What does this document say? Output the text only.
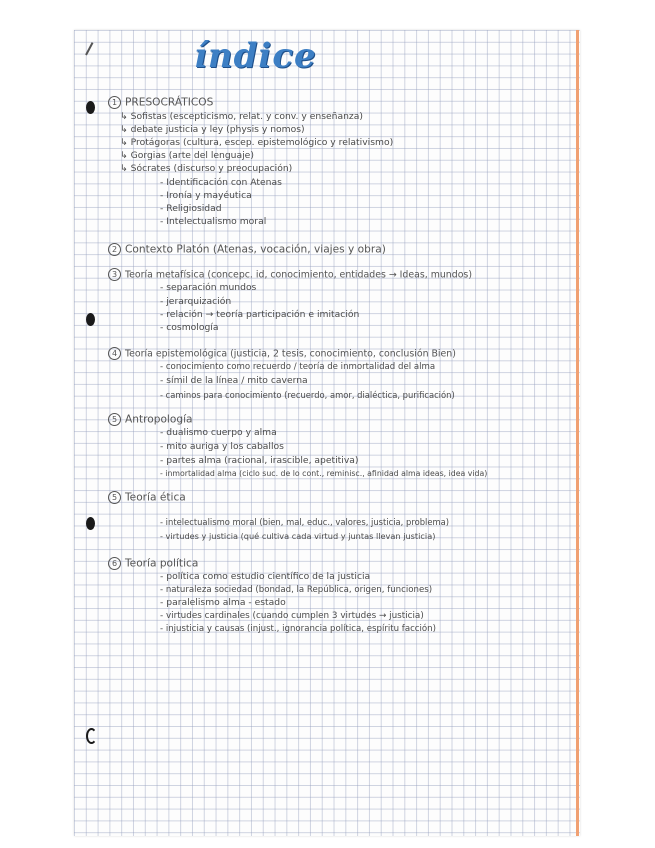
índice
1 PRESOCRÁTICOS
↳ Sofistas (escepticismo, relat. y conv. y enseñanza)
↳ debate justicia y ley (physis y nomos)
↳ Protágoras (cultura, escep. epistemológico y relativismo)
↳ Gorgias (arte del lenguaje)
↳ Sócrates (discurso y preocupación)
- Identificación con Atenas
- Ironía y mayéutica
- Religiosidad
- Intelectualismo moral
2 Contexto Platón (Atenas, vocación, viajes y obra)
3 Teoría metafísica (concepc. id, conocimiento, entidades → Ideas, mundos)
- separación mundos
- jerarquización
- relación → teoría participación e imitación
- cosmología
4 Teoría epistemológica (justicia, 2 tesis, conocimiento, conclusión Bien)
- conocimiento como recuerdo / teoría de inmortalidad del alma
- símil de la línea / mito caverna
- caminos para conocimiento (recuerdo, amor, dialéctica, purificación)
5 Antropología
- dualismo cuerpo y alma
- mito auriga y los caballos
- partes alma (racional, irascible, apetitiva)
- inmortalidad alma (ciclo suc. de lo cont., reminisc., afinidad alma ideas, idea vida)
5 Teoría ética
- intelectualismo moral (bien, mal, educ., valores, justicia, problema)
- virtudes y justicia (qué cultiva cada virtud y juntas llevan justicia)
6 Teoría política
- política como estudio científico de la justicia
- naturaleza sociedad (bondad, la República, origen, funciones)
- paralelismo alma - estado
- virtudes cardinales (cuando cumplen 3 virtudes → justicia)
- injusticia y causas (injust., ignorancia política, espíritu facción)
